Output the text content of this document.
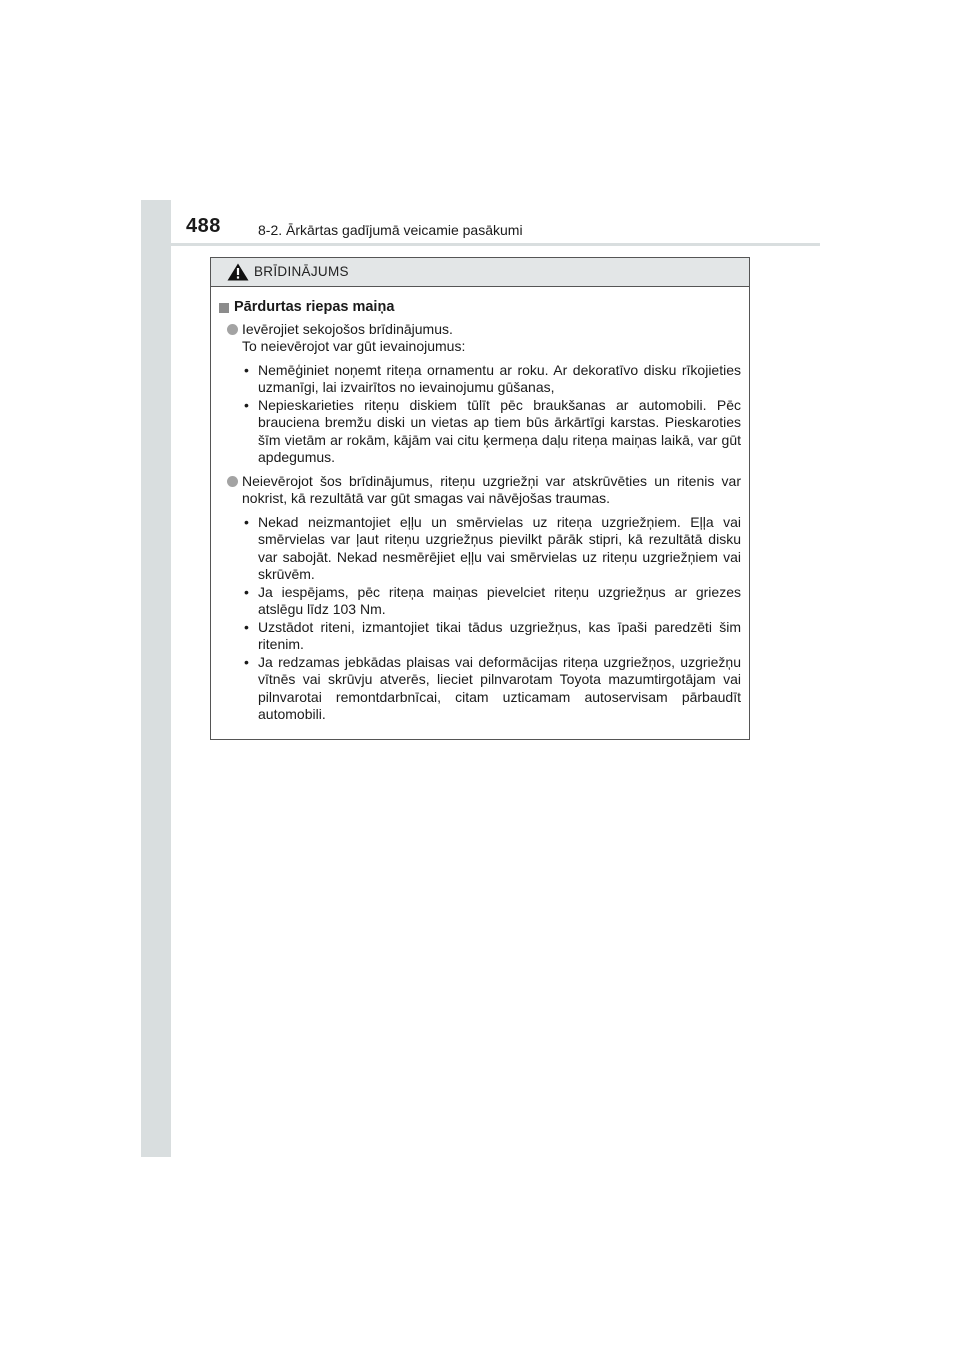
488	8-2. Ārkārtas gadījumā veicamie pasākumi
BRĪDINĀJUMS
Pārdurtas riepas maiņa
Ievērojiet sekojošos brīdinājumus.
To neievērojot var gūt ievainojumus:
• Nemēģiniet noņemt riteņa ornamentu ar roku. Ar dekoratīvo disku rīkojieties uzmanīgi, lai izvairītos no ievainojumu gūšanas,
• Nepieskarieties riteņu diskiem tūlīt pēc braukšanas ar automobili. Pēc brauciena bremžu diski un vietas ap tiem būs ārkārtīgi karstas. Pieskaroties šīm vietām ar rokām, kājām vai citu ķermeņa daļu riteņa maiņas laikā, var gūt apdegumus.
Neievērojot šos brīdinājumus, riteņu uzgriežņi var atskrūvēties un ritenis var nokrist, kā rezultātā var gūt smagas vai nāvējošas traumas.
• Nekad neizmantojiet eļļu un smērvielas uz riteņa uzgriežņiem. Eļļa vai smērvielas var ļaut riteņu uzgriežņus pievilkt pārāk stipri, kā rezultātā disku var sabojāt. Nekad nesmērējiet eļļu vai smērvielas uz riteņu uzgriežņiem vai skrūvēm.
• Ja iespējams, pēc riteņa maiņas pievelciet riteņu uzgriežņus ar griezes atslēgu līdz 103 Nm.
• Uzstādot riteni, izmantojiet tikai tādus uzgriežņus, kas īpaši paredzēti šim ritenim.
• Ja redzamas jebkādas plaisas vai deformācijas riteņa uzgriežņos, uzgriežņu vītnēs vai skrūvju atverēs, lieciet pilnvarotam Toyota mazumtirgotājam vai pilnvarotai remontdarbnīcai, citam uzticamam autoservisam pārbaudīt automobili.
